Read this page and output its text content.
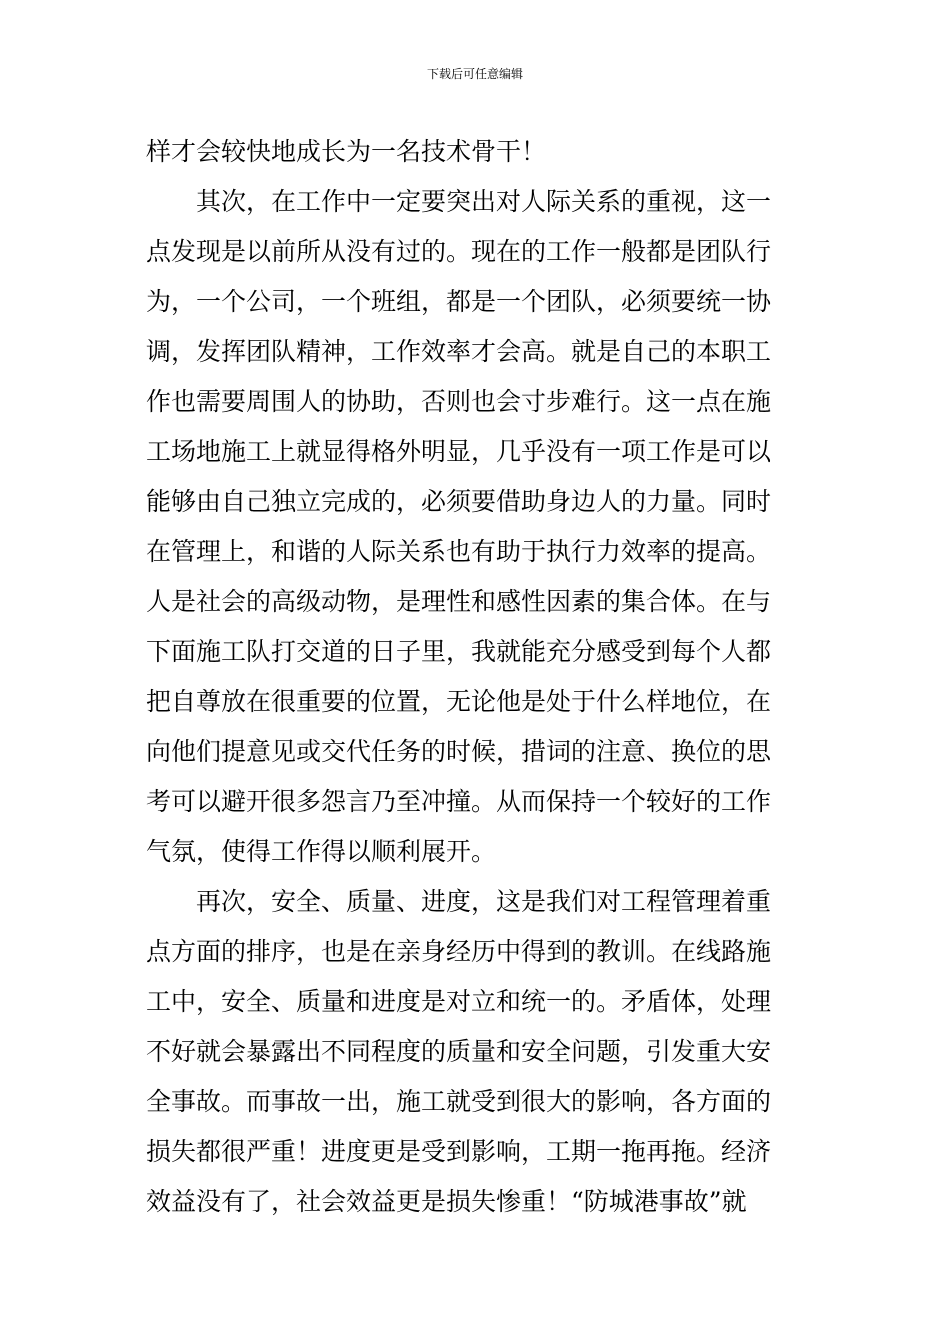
下载后可任意编辑
样才会较快地成长为一名技术骨干！
　　其次，在工作中一定要突出对人际关系的重视，这一
点发现是以前所从没有过的。现在的工作一般都是团队行
为，一个公司，一个班组，都是一个团队，必须要统一协
调，发挥团队精神，工作效率才会高。就是自己的本职工
作也需要周围人的协助，否则也会寸步难行。这一点在施
工场地施工上就显得格外明显，几乎没有一项工作是可以
能够由自己独立完成的，必须要借助身边人的力量。同时
在管理上，和谐的人际关系也有助于执行力效率的提高。
人是社会的高级动物，是理性和感性因素的集合体。在与
下面施工队打交道的日子里，我就能充分感受到每个人都
把自尊放在很重要的位置，无论他是处于什么样地位，在
向他们提意见或交代任务的时候，措词的注意、换位的思
考可以避开很多怨言乃至冲撞。从而保持一个较好的工作
气氛，使得工作得以顺利展开。
　　再次，安全、质量、进度，这是我们对工程管理着重
点方面的排序，也是在亲身经历中得到的教训。在线路施
工中，安全、质量和进度是对立和统一的。矛盾体，处理
不好就会暴露出不同程度的质量和安全问题，引发重大安
全事故。而事故一出，施工就受到很大的影响，各方面的
损失都很严重！进度更是受到影响，工期一拖再拖。经济
效益没有了，社会效益更是损失惨重！“防城港事故”就
